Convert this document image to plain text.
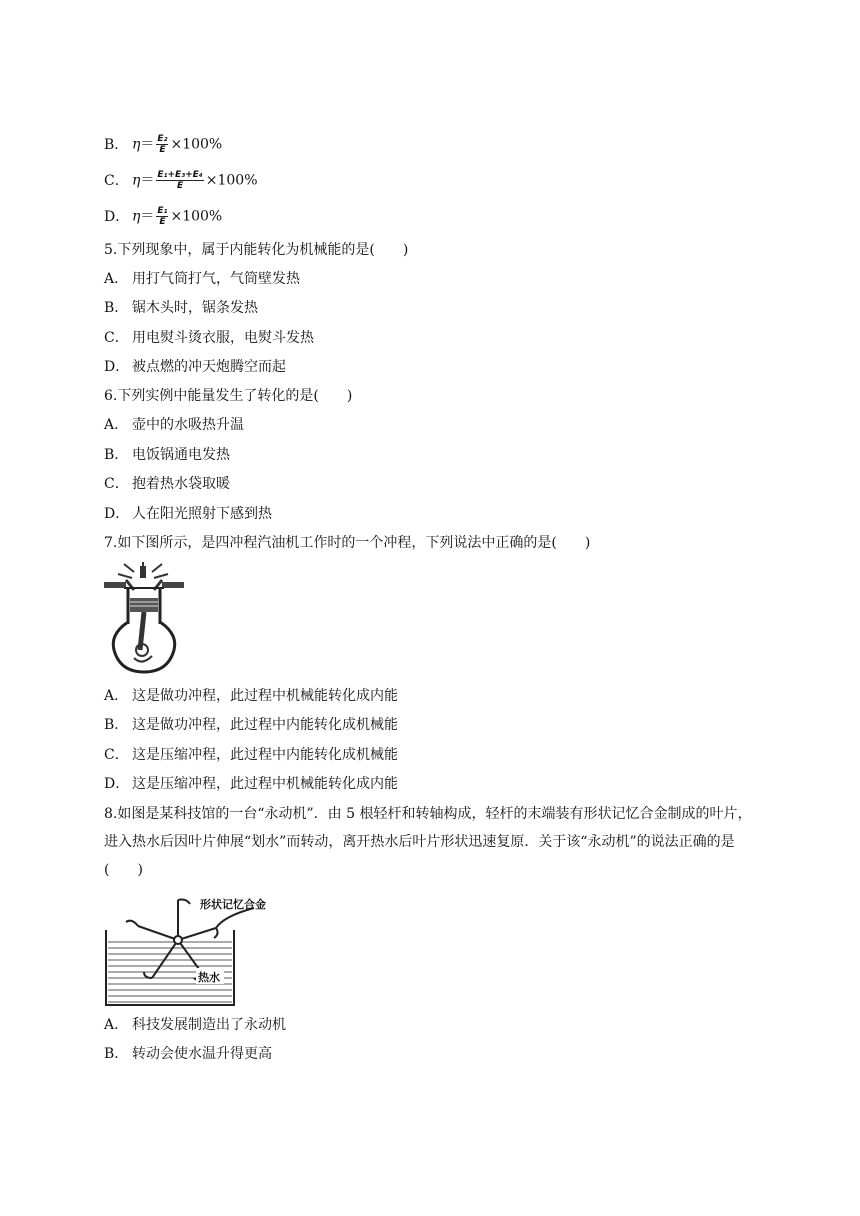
B． $\eta= \frac{\text{E₂}}{E} \times 100\%$
C． $\eta= \frac{\text{E₁+E₃+E₄}}{E} \times 100\%$
D． $\eta= \frac{\text{E₁}}{E} \times 100\%$
5.下列现象中，属于内能转化为机械能的是(　　)
A． 用打气筒打气，气筒壁发热
B． 锯木头时，锯条发热
C． 用电熨斗烫衣服，电熨斗发热
D． 被点燃的冲天炮腾空而起
6.下列实例中能量发生了转化的是(　　)
A． 壶中的水吸热升温
B． 电饭锅通电发热
C． 抱着热水袋取暖
D． 人在阳光照射下感到热
7.如下图所示，是四冲程汽油机工作时的一个冲程，下列说法中正确的是(　　)
A． 这是做功冲程，此过程中机械能转化成内能
B． 这是做功冲程，此过程中内能转化成机械能
C． 这是压缩冲程，此过程中内能转化成机械能
D． 这是压缩冲程，此过程中机械能转化成内能
8.如图是某科技馆的一台“永动机”．由 5 根轻杆和转轴构成，轻杆的末端装有形状记忆合金制成的叶片，进入热水后因叶片伸展“划水”而转动，离开热水后叶片形状迅速复原．关于该“永动机”的说法正确的是(　　)
形状记忆合金
热水
A． 科技发展制造出了永动机
B． 转动会使水温升得更高
